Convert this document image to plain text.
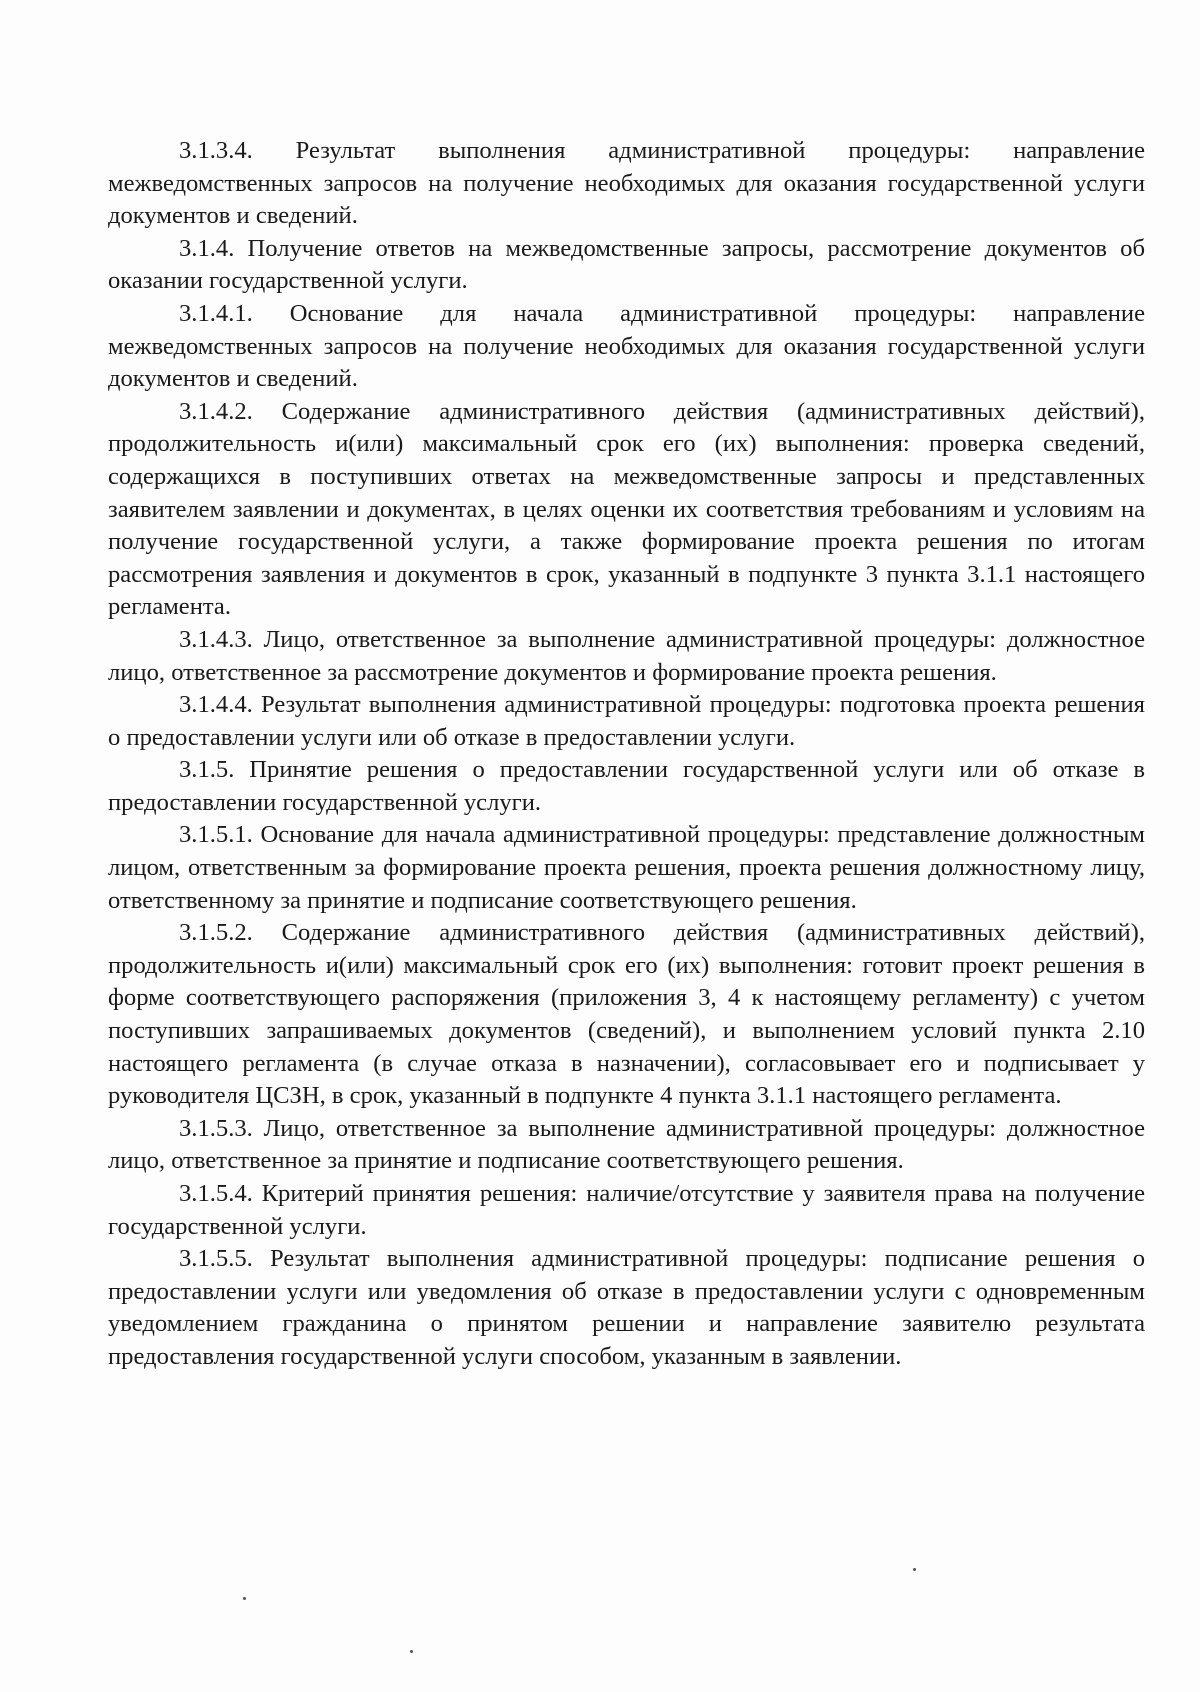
3.1.3.4. Результат выполнения административной процедуры: направление межведомственных запросов на получение необходимых для оказания государственной услуги документов и сведений.

3.1.4. Получение ответов на межведомственные запросы, рассмотрение документов об оказании государственной услуги.

3.1.4.1. Основание для начала административной процедуры: направление межведомственных запросов на получение необходимых для оказания государственной услуги документов и сведений.

3.1.4.2. Содержание административного действия (административных действий), продолжительность и(или) максимальный срок его (их) выполнения: проверка сведений, содержащихся в поступивших ответах на межведомственные запросы и представленных заявителем заявлении и документах, в целях оценки их соответствия требованиям и условиям на получение государственной услуги, а также формирование проекта решения по итогам рассмотрения заявления и документов в срок, указанный в подпункте 3 пункта 3.1.1 настоящего регламента.

3.1.4.3. Лицо, ответственное за выполнение административной процедуры: должностное лицо, ответственное за рассмотрение документов и формирование проекта решения.

3.1.4.4. Результат выполнения административной процедуры: подготовка проекта решения о предоставлении услуги или об отказе в предоставлении услуги.

3.1.5. Принятие решения о предоставлении государственной услуги или об отказе в предоставлении государственной услуги.

3.1.5.1. Основание для начала административной процедуры: представление должностным лицом, ответственным за формирование проекта решения, проекта решения должностному лицу, ответственному за принятие и подписание соответствующего решения.

3.1.5.2. Содержание административного действия (административных действий), продолжительность и(или) максимальный срок его (их) выполнения: готовит проект решения в форме соответствующего распоряжения (приложения 3, 4 к настоящему регламенту) с учетом поступивших запрашиваемых документов (сведений), и выполнением условий пункта 2.10 настоящего регламента (в случае отказа в назначении), согласовывает его и подписывает у руководителя ЦСЗН, в срок, указанный в подпункте 4 пункта 3.1.1 настоящего регламента.

3.1.5.3. Лицо, ответственное за выполнение административной процедуры: должностное лицо, ответственное за принятие и подписание соответствующего решения.

3.1.5.4. Критерий принятия решения: наличие/отсутствие у заявителя права на получение государственной услуги.

3.1.5.5. Результат выполнения административной процедуры: подписание решения о предоставлении услуги или уведомления об отказе в предоставлении услуги с одновременным уведомлением гражданина о принятом решении и направление заявителю результата предоставления государственной услуги способом, указанным в заявлении.
